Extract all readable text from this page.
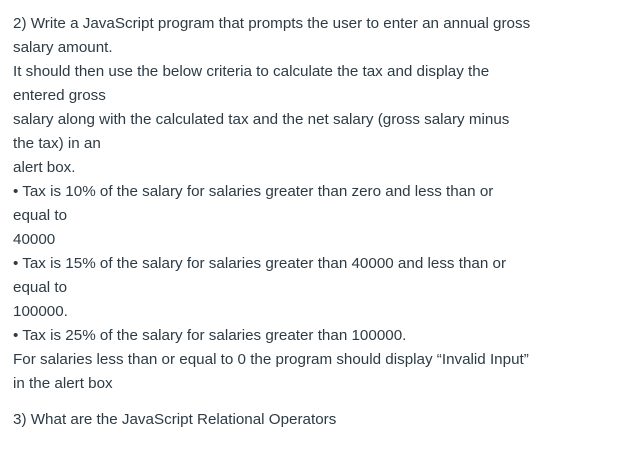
2) Write a JavaScript program that prompts the user to enter an annual gross
salary amount.
It should then use the below criteria to calculate the tax and display the
entered gross
salary along with the calculated tax and the net salary (gross salary minus
the tax) in an
alert box.
• Tax is 10% of the salary for salaries greater than zero and less than or
equal to
40000
• Tax is 15% of the salary for salaries greater than 40000 and less than or
equal to
100000.
• Tax is 25% of the salary for salaries greater than 100000.
For salaries less than or equal to 0 the program should display “Invalid Input”
in the alert box
3) What are the JavaScript Relational Operators
